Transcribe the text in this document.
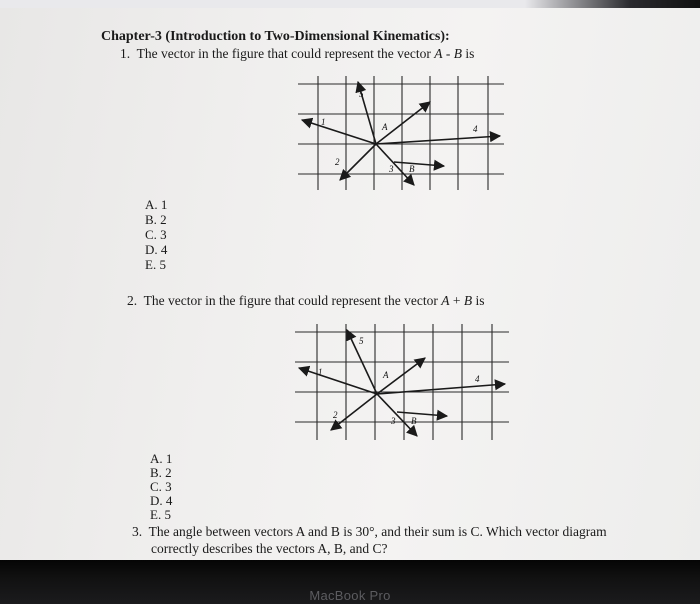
Chapter-3 (Introduction to Two-Dimensional Kinematics):
1. The vector in the figure that could represent the vector A - B is
5
1	A	4
2
3 B
A. 1
B. 2
C. 3
D. 4
E. 5
2. The vector in the figure that could represent the vector A + B is
5
1	A	4
2
3 B
A. 1
B. 2
C. 3
D. 4
E. 5
3. The angle between vectors A and B is 30°, and their sum is C. Which vector diagram
correctly describes the vectors A, B, and C?
MacBook Pro
